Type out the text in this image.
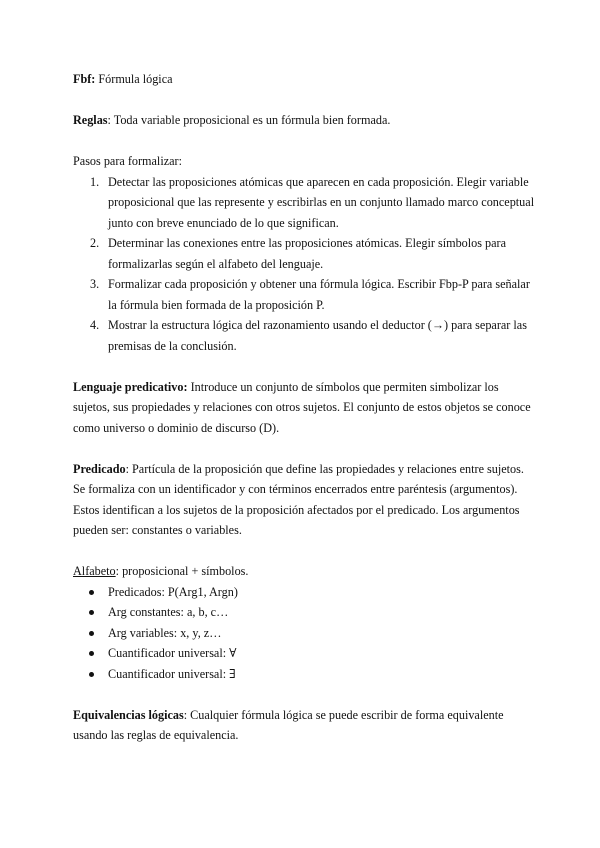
Fbf: Fórmula lógica

Reglas: Toda variable proposicional es un fórmula bien formada.

Pasos para formalizar:

1. Detectar las proposiciones atómicas que aparecen en cada proposición. Elegir variable proposicional que las represente y escribirlas en un conjunto llamado marco conceptual junto con breve enunciado de lo que significan.
2. Determinar las conexiones entre las proposiciones atómicas. Elegir símbolos para formalizarlas según el alfabeto del lenguaje.
3. Formalizar cada proposición y obtener una fórmula lógica. Escribir Fbp-P para señalar la fórmula bien formada de la proposición P.
4. Mostrar la estructura lógica del razonamiento usando el deductor (→) para separar las premisas de la conclusión.

Lenguaje predicativo: Introduce un conjunto de símbolos que permiten simbolizar los sujetos, sus propiedades y relaciones con otros sujetos. El conjunto de estos objetos se conoce como universo o dominio de discurso (D).

Predicado: Partícula de la proposición que define las propiedades y relaciones entre sujetos. Se formaliza con un identificador y con términos encerrados entre paréntesis (argumentos). Estos identifican a los sujetos de la proposición afectados por el predicado. Los argumentos pueden ser: constantes o variables.

Alfabeto: proposicional + símbolos.

Predicados: P(Arg1, Argn)
Arg constantes: a, b, c…
Arg variables: x, y, z…
Cuantificador universal: ∀
Cuantificador universal: ∃

Equivalencias lógicas: Cualquier fórmula lógica se puede escribir de forma equivalente usando las reglas de equivalencia.
